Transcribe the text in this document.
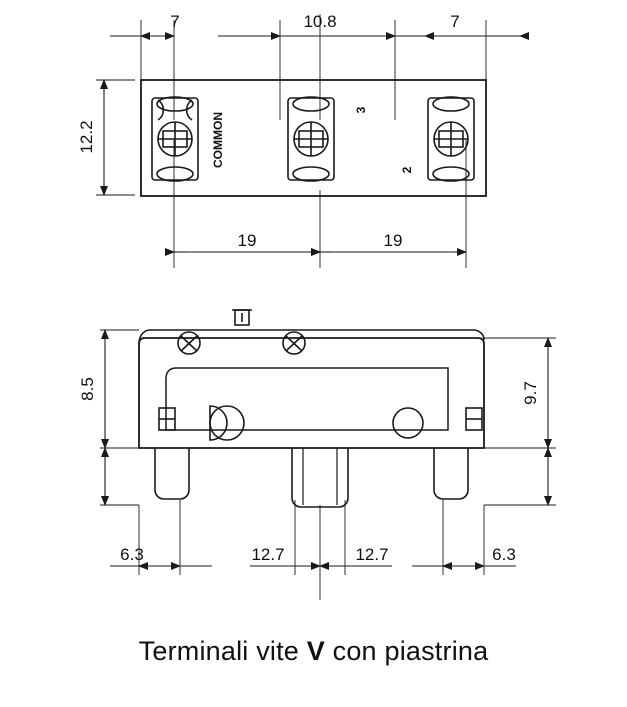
7	10.8	7
12.2
19	19
COMMON
3
2
8.5	9.7
6.3	12.7	12.7	6.3
Terminali vite V con piastrina
